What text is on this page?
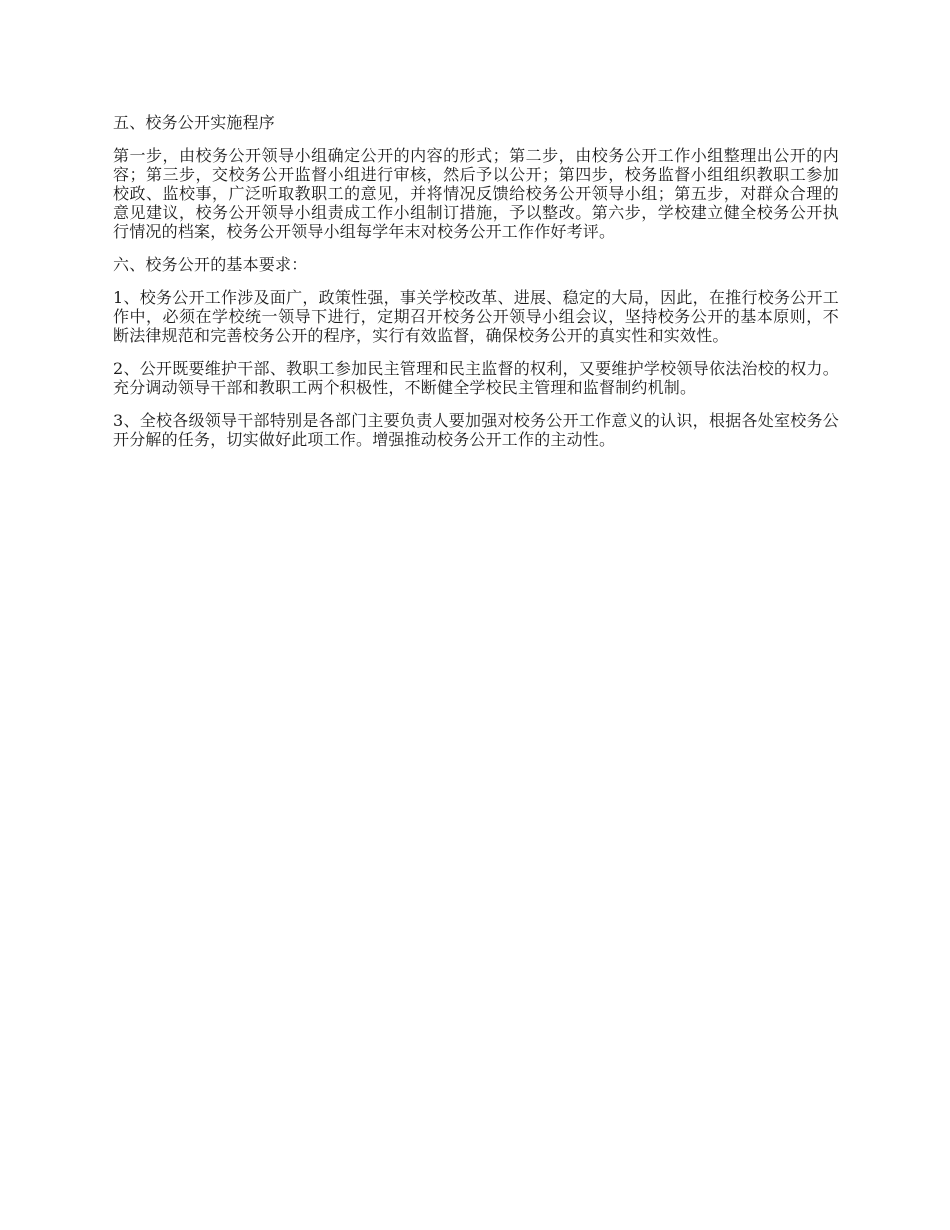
五、校务公开实施程序

第一步，由校务公开领导小组确定公开的内容的形式；第二步，由校务公开工作小组整理出公开的内容；第三步，交校务公开监督小组进行审核，然后予以公开；第四步，校务监督小组组织教职工参加校政、监校事，广泛听取教职工的意见，并将情况反馈给校务公开领导小组；第五步，对群众合理的意见建议，校务公开领导小组责成工作小组制订措施，予以整改。第六步，学校建立健全校务公开执行情况的档案，校务公开领导小组每学年末对校务公开工作作好考评。

六、校务公开的基本要求：

1、校务公开工作涉及面广，政策性强，事关学校改革、进展、稳定的大局，因此，在推行校务公开工作中，必须在学校统一领导下进行，定期召开校务公开领导小组会议，坚持校务公开的基本原则，不断法律规范和完善校务公开的程序，实行有效监督，确保校务公开的真实性和实效性。

2、公开既要维护干部、教职工参加民主管理和民主监督的权利，又要维护学校领导依法治校的权力。充分调动领导干部和教职工两个积极性，不断健全学校民主管理和监督制约机制。

3、全校各级领导干部特别是各部门主要负责人要加强对校务公开工作意义的认识，根据各处室校务公开分解的任务，切实做好此项工作。增强推动校务公开工作的主动性。
